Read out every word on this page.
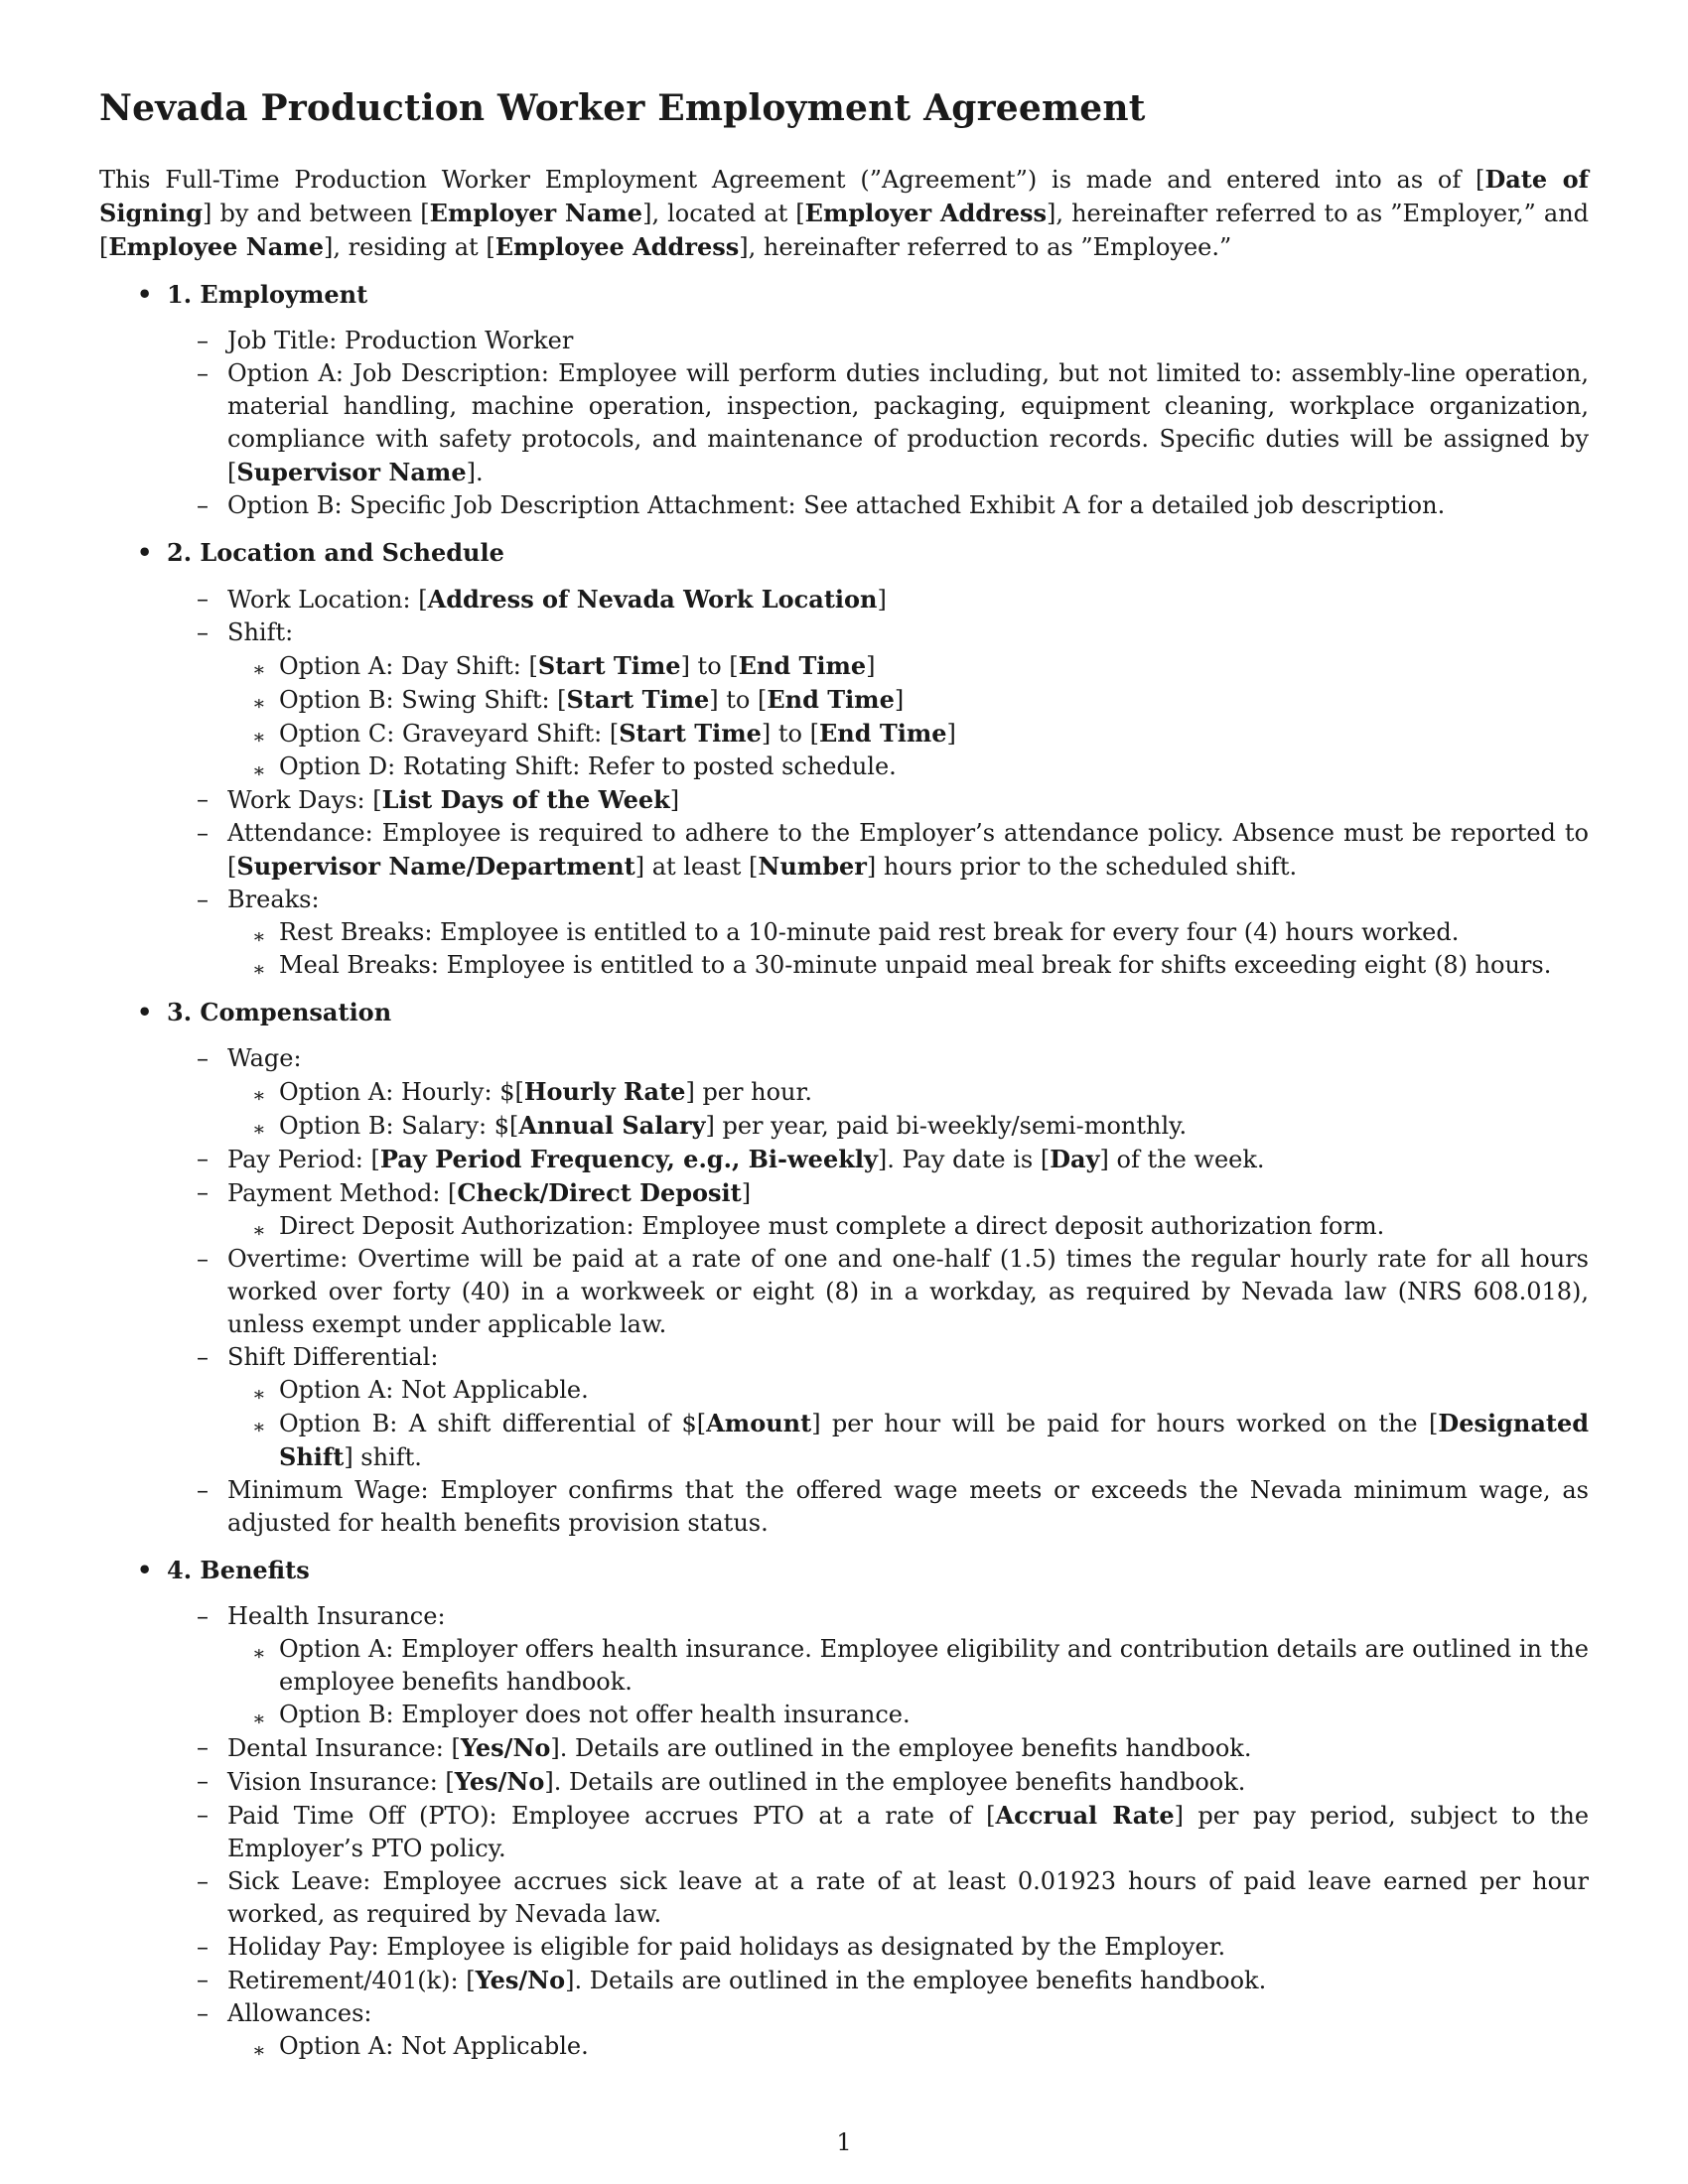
Nevada Production Worker Employment Agreement

This Full-Time Production Worker Employment Agreement (”Agreement”) is made and entered into as of [Date of Signing] by and between [Employer Name], located at [Employer Address], hereinafter referred to as ”Employer,” and [Employee Name], residing at [Employee Address], hereinafter referred to as ”Employee.”

• 1. Employment
– Job Title: Production Worker
– Option A: Job Description: Employee will perform duties including, but not limited to: assembly-line operation, material handling, machine operation, inspection, packaging, equipment cleaning, workplace organization, compliance with safety protocols, and maintenance of production records. Specific duties will be assigned by [Supervisor Name].
– Option B: Specific Job Description Attachment: See attached Exhibit A for a detailed job description.
• 2. Location and Schedule
– Work Location: [Address of Nevada Work Location]
– Shift:
∗ Option A: Day Shift: [Start Time] to [End Time]
∗ Option B: Swing Shift: [Start Time] to [End Time]
∗ Option C: Graveyard Shift: [Start Time] to [End Time]
∗ Option D: Rotating Shift: Refer to posted schedule.
– Work Days: [List Days of the Week]
– Attendance: Employee is required to adhere to the Employer’s attendance policy. Absence must be reported to [Supervisor Name/Department] at least [Number] hours prior to the scheduled shift.
– Breaks:
∗ Rest Breaks: Employee is entitled to a 10-minute paid rest break for every four (4) hours worked.
∗ Meal Breaks: Employee is entitled to a 30-minute unpaid meal break for shifts exceeding eight (8) hours.
• 3. Compensation
– Wage:
∗ Option A: Hourly: $[Hourly Rate] per hour.
∗ Option B: Salary: $[Annual Salary] per year, paid bi-weekly/semi-monthly.
– Pay Period: [Pay Period Frequency, e.g., Bi-weekly]. Pay date is [Day] of the week.
– Payment Method: [Check/Direct Deposit]
∗ Direct Deposit Authorization: Employee must complete a direct deposit authorization form.
– Overtime: Overtime will be paid at a rate of one and one-half (1.5) times the regular hourly rate for all hours worked over forty (40) in a workweek or eight (8) in a workday, as required by Nevada law (NRS 608.018), unless exempt under applicable law.
– Shift Differential:
∗ Option A: Not Applicable.
∗ Option B: A shift differential of $[Amount] per hour will be paid for hours worked on the [Designated Shift] shift.
– Minimum Wage: Employer confirms that the offered wage meets or exceeds the Nevada minimum wage, as adjusted for health benefits provision status.
• 4. Benefits
– Health Insurance:
∗ Option A: Employer offers health insurance. Employee eligibility and contribution details are outlined in the employee benefits handbook.
∗ Option B: Employer does not offer health insurance.
– Dental Insurance: [Yes/No]. Details are outlined in the employee benefits handbook.
– Vision Insurance: [Yes/No]. Details are outlined in the employee benefits handbook.
– Paid Time Off (PTO): Employee accrues PTO at a rate of [Accrual Rate] per pay period, subject to the Employer’s PTO policy.
– Sick Leave: Employee accrues sick leave at a rate of at least 0.01923 hours of paid leave earned per hour worked, as required by Nevada law.
– Holiday Pay: Employee is eligible for paid holidays as designated by the Employer.
– Retirement/401(k): [Yes/No]. Details are outlined in the employee benefits handbook.
– Allowances:
∗ Option A: Not Applicable.
1
